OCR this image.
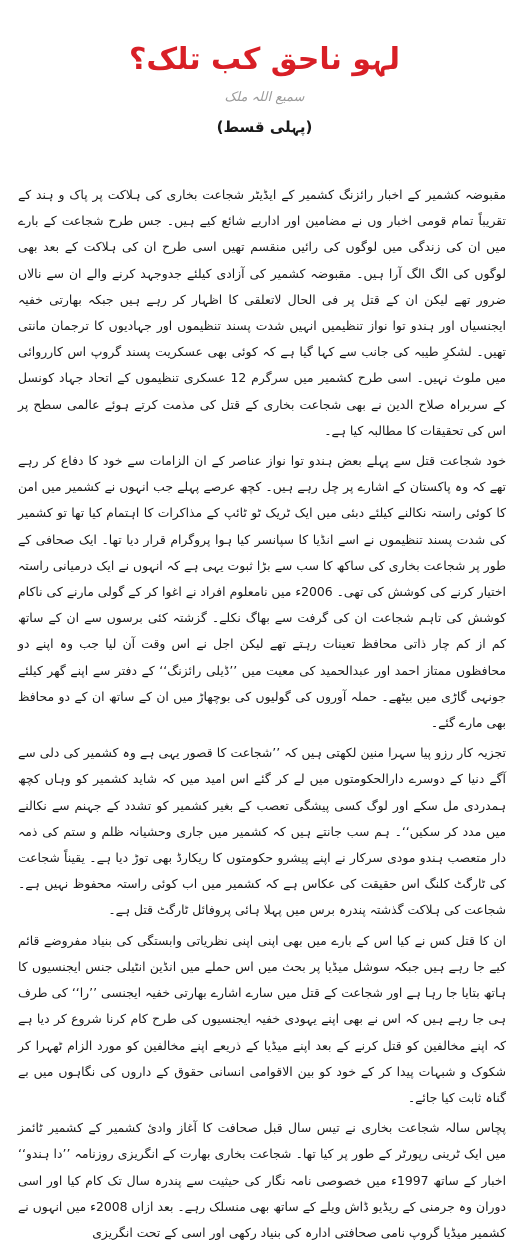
لہو ناحق کب تلک؟
سمیع اللہ ملک
(پہلی قسط)

مقبوضہ کشمیر کے اخبار رائزنگ کشمیر کے ایڈیٹر شجاعت بخاری کی ہلاکت پر پاک و ہند کے تقریباً تمام قومی اخبار وں نے مضامین اور اداریے شائع کیے ہیں۔ جس طرح شجاعت کے بارے میں ان کی زندگی میں لوگوں کی رائیں منقسم تھیں اسی طرح ان کی ہلاکت کے بعد بھی لوگوں کی الگ الگ آرا ہیں۔ مقبوضہ کشمیر کی آزادی کیلئے جدوجہد کرنے والے ان سے نالاں ضرور تھے لیکن ان کے قتل پر فی الحال لاتعلقی کا اظہار کر رہے ہیں جبکہ بھارتی خفیہ ایجنسیاں اور ہندو توا نواز تنظیمیں انہیں شدت پسند تنظیموں اور جہادیوں کا ترجمان مانتی تھیں۔ لشکرِ طیبہ کی جانب سے کہا گیا ہے کہ کوئی بھی عسکریت پسند گروپ اس کارروائی میں ملوث نہیں۔ اسی طرح کشمیر میں سرگرم 12 عسکری تنظیموں کے اتحاد جہاد کونسل کے سربراہ صلاح الدین نے بھی شجاعت بخاری کے قتل کی مذمت کرتے ہوئے عالمی سطح پر اس کی تحقیقات کا مطالبہ کیا ہے۔

خود شجاعت قتل سے پہلے بعض ہندو توا نواز عناصر کے ان الزامات سے خود کا دفاع کر رہے تھے کہ وہ پاکستان کے اشارے پر چل رہے ہیں۔ کچھ عرصے پہلے جب انہوں نے کشمیر میں امن کا کوئی راستہ نکالنے کیلئے دبئی میں ایک ٹریک ٹو ٹائپ کے مذاکرات کا اہتمام کیا تھا تو کشمیر کی شدت پسند تنظیموں نے اسے انڈیا کا سپانسر کیا ہوا پروگرام قرار دیا تھا۔ ایک صحافی کے طور پر شجاعت بخاری کی ساکھ کا سب سے بڑا ثبوت یہی ہے کہ انہوں نے ایک درمیانی راستہ اختیار کرنے کی کوشش کی تھی۔ 2006ء میں نامعلوم افراد نے اغوا کر کے گولی مارنے کی ناکام کوشش کی تاہم شجاعت ان کی گرفت سے بھاگ نکلے۔ گزشتہ کئی برسوں سے ان کے ساتھ کم از کم چار ذاتی محافظ تعینات رہتے تھے لیکن اجل نے اس وقت آن لیا جب وہ اپنے دو محافظوں ممتاز احمد اور عبدالحمید کی معیت میں ’’ڈیلی رائزنگ‘‘ کے دفتر سے اپنے گھر کیلئے جونہی گاڑی میں بیٹھے۔ حملہ آوروں کی گولیوں کی بوچھاڑ میں ان کے ساتھ ان کے دو محافظ بھی مارے گئے۔

تجزیہ کار رزو پیا سہرا منین لکھتی ہیں کہ ’’شجاعت کا قصور یہی ہے وہ کشمیر کی دلی سے آگے دنیا کے دوسرے دارالحکومتوں میں لے کر گئے اس امید میں کہ شاید کشمیر کو وہاں کچھ ہمدردی مل سکے اور لوگ کسی پیشگی تعصب کے بغیر کشمیر کو تشدد کے جہنم سے نکالنے میں مدد کر سکیں‘‘۔ ہم سب جانتے ہیں کہ کشمیر میں جاری وحشیانہ ظلم و ستم کی ذمہ دار متعصب ہندو مودی سرکار نے اپنے پیشرو حکومتوں کا ریکارڈ بھی توڑ دیا ہے۔ یقیناً شجاعت کی ٹارگٹ کلنگ اس حقیقت کی عکاس ہے کہ کشمیر میں اب کوئی راستہ محفوظ نہیں ہے۔ شجاعت کی ہلاکت گذشتہ پندرہ برس میں پہلا ہائی پروفائل ٹارگٹ قتل ہے۔

ان کا قتل کس نے کیا اس کے بارے میں بھی اپنی اپنی نظریاتی وابستگی کی بنیاد مفروضے قائم کیے جا رہے ہیں جبکہ سوشل میڈیا پر بحث میں اس حملے میں انڈین انٹیلی جنس ایجنسیوں کا ہاتھ بتایا جا رہا ہے اور شجاعت کے قتل میں سارے اشارے بھارتی خفیہ ایجنسی ’’را‘‘ کی طرف ہی جا رہے ہیں کہ اس نے بھی اپنے یہودی خفیہ ایجنسیوں کی طرح کام کرنا شروع کر دیا ہے کہ اپنے مخالفین کو قتل کرنے کے بعد اپنے میڈیا کے ذریعے اپنے مخالفین کو مورد الزام ٹھہرا کر شکوک و شبہات پیدا کر کے خود کو بین الاقوامی انسانی حقوق کے داروں کی نگاہوں میں بے گناہ ثابت کیا جائے۔

پچاس سالہ شجاعت بخاری نے تیس سال قبل صحافت کا آغاز وادیٔ کشمیر کے کشمیر ٹائمز میں ایک ٹرینی رپورٹر کے طور پر کیا تھا۔ شجاعت بخاری بھارت کے انگریزی روزنامہ ’’دا ہندو‘‘ اخبار کے ساتھ 1997ء میں خصوصی نامہ نگار کی حیثیت سے پندرہ سال تک کام کیا اور اسی دوران وہ جرمنی کے ریڈیو ڈاش ویلے کے ساتھ بھی منسلک رہے۔ بعد ازاں 2008ء میں انہوں نے کشمیر میڈیا گروپ نامی صحافتی ادارہ کی بنیاد رکھی اور اسی کے تحت انگریزی
